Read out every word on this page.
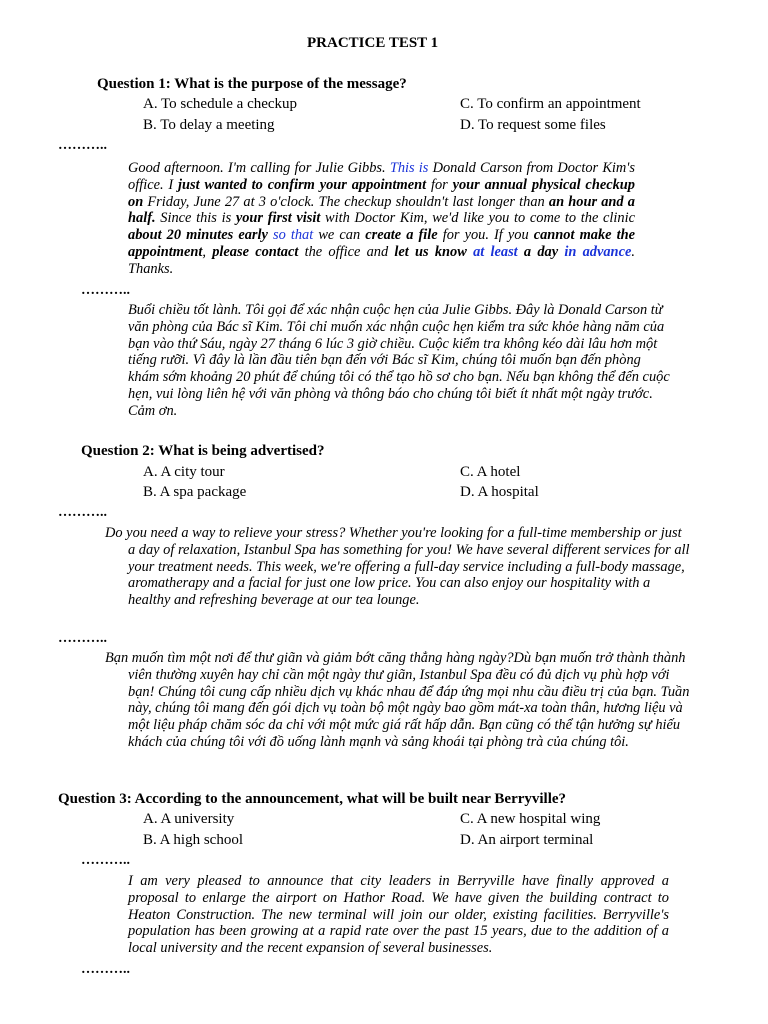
PRACTICE TEST 1
Question 1: What is the purpose of the message?
A. To schedule a checkup	C. To confirm an appointment
B. To delay a meeting	D. To request some files
………..
Good afternoon. I'm calling for Julie Gibbs. This is Donald Carson from Doctor Kim's office. I just wanted to confirm your appointment for your annual physical checkup on Friday, June 27 at 3 o'clock. The checkup shouldn't last longer than an hour and a half. Since this is your first visit with Doctor Kim, we'd like you to come to the clinic about 20 minutes early so that we can create a file for you. If you cannot make the appointment, please contact the office and let us know at least a day in advance. Thanks.
………..
Buổi chiều tốt lành. Tôi gọi để xác nhận cuộc hẹn của Julie Gibbs. Đây là Donald Carson từ văn phòng của Bác sĩ Kim. Tôi chỉ muốn xác nhận cuộc hẹn kiểm tra sức khỏe hàng năm của bạn vào thứ Sáu, ngày 27 tháng 6 lúc 3 giờ chiều. Cuộc kiểm tra không kéo dài lâu hơn một tiếng rưỡi. Vì đây là lần đầu tiên bạn đến với Bác sĩ Kim, chúng tôi muốn bạn đến phòng khám sớm khoảng 20 phút để chúng tôi có thể tạo hồ sơ cho bạn. Nếu bạn không thể đến cuộc hẹn, vui lòng liên hệ với văn phòng và thông báo cho chúng tôi biết ít nhất một ngày trước. Cảm ơn.
Question 2: What is being advertised?
A. A city tour	C. A hotel
B. A spa package	D. A hospital
………..
Do you need a way to relieve your stress? Whether you're looking for a full-time membership or just a day of relaxation, Istanbul Spa has something for you! We have several different services for all your treatment needs. This week, we're offering a full-day service including a full-body massage, aromatherapy and a facial for just one low price. You can also enjoy our hospitality with a healthy and refreshing beverage at our tea lounge.
………..
Bạn muốn tìm một nơi để thư giãn và giảm bớt căng thẳng hàng ngày?Dù bạn muốn trở thành thành viên thường xuyên hay chỉ cần một ngày thư giãn, Istanbul Spa đều có đủ dịch vụ phù hợp với bạn! Chúng tôi cung cấp nhiều dịch vụ khác nhau để đáp ứng mọi nhu cầu điều trị của bạn. Tuần này, chúng tôi mang đến gói dịch vụ toàn bộ một ngày bao gồm mát-xa toàn thân, hương liệu và một liệu pháp chăm sóc da chỉ với một mức giá rất hấp dẫn. Bạn cũng có thể tận hưởng sự hiếu khách của chúng tôi với đồ uống lành mạnh và sảng khoái tại phòng trà của chúng tôi.
Question 3: According to the announcement, what will be built near Berryville?
A. A university	C. A new hospital wing
B. A high school	D. An airport terminal
………..
I am very pleased to announce that city leaders in Berryville have finally approved a proposal to enlarge the airport on Hathor Road. We have given the building contract to Heaton Construction. The new terminal will join our older, existing facilities. Berryville's population has been growing at a rapid rate over the past 15 years, due to the addition of a local university and the recent expansion of several businesses.
………..
